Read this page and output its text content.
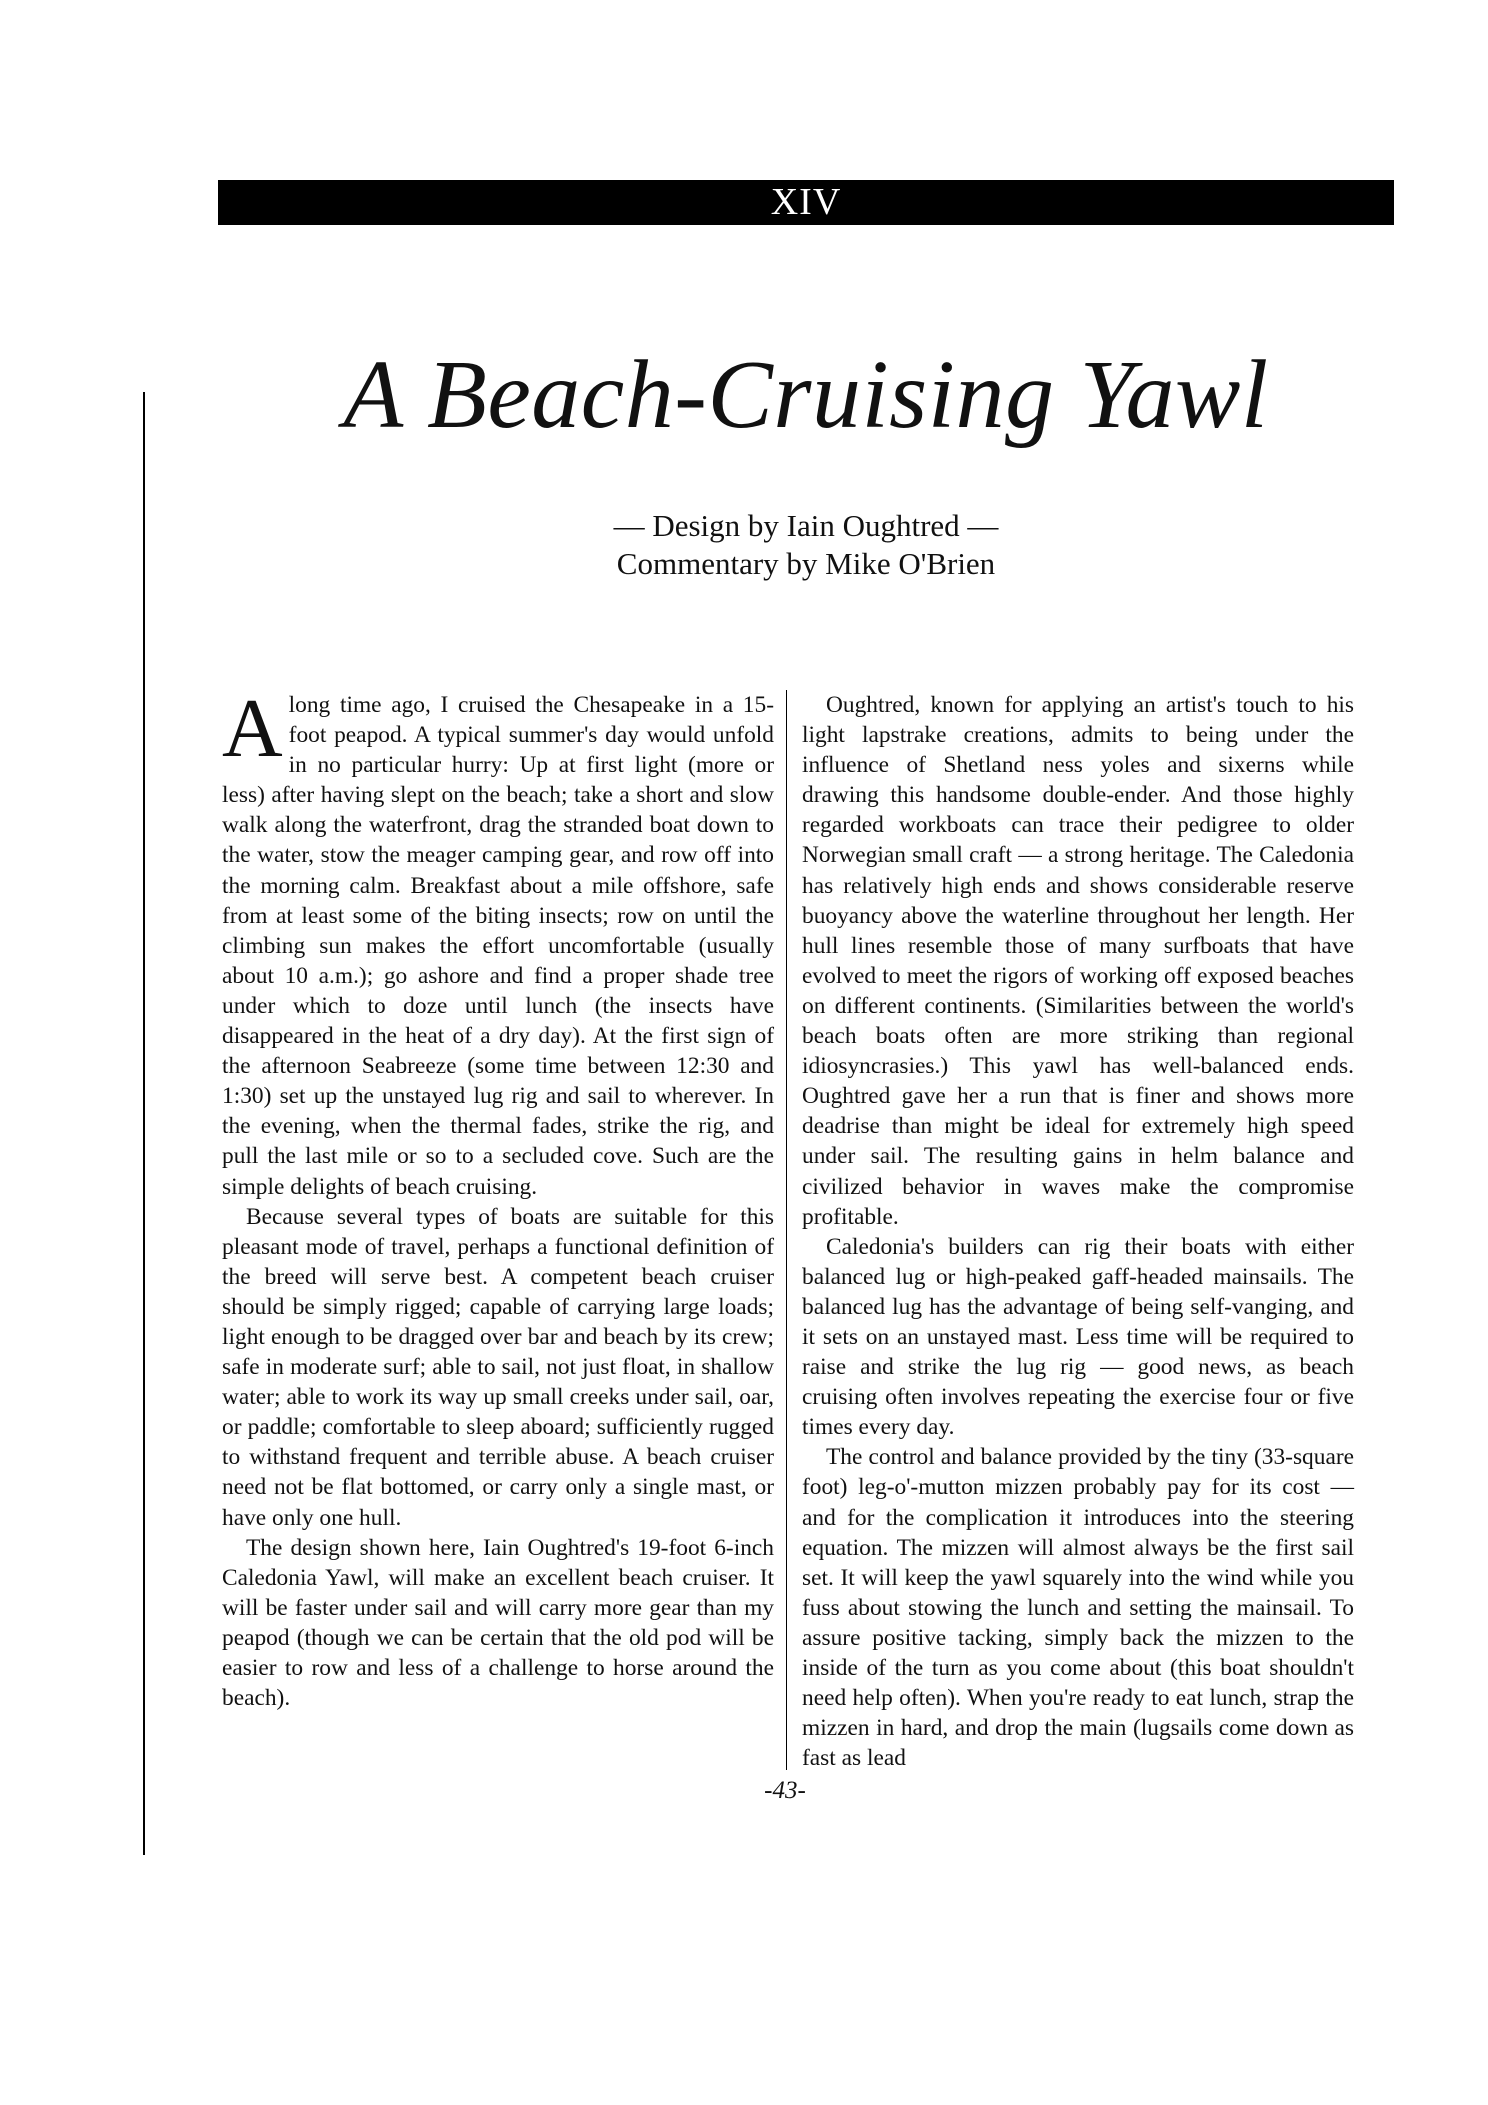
XIV
A Beach-Cruising Yawl
— Design by Iain Oughtred —
Commentary by Mike O'Brien

Along time ago, I cruised the Chesapeake in a 15-foot peapod. A typical summer's day would unfold in no particular hurry: Up at first light (more or less) after having slept on the beach; take a short and slow walk along the waterfront, drag the stranded boat down to the water, stow the meager camping gear, and row off into the morning calm. Breakfast about a mile offshore, safe from at least some of the biting insects; row on until the climbing sun makes the effort uncomfortable (usually about 10 a.m.); go ashore and find a proper shade tree under which to doze until lunch (the insects have disappeared in the heat of a dry day). At the first sign of the afternoon Seabreeze (some time between 12:30 and 1:30) set up the unstayed lug rig and sail to wherever. In the evening, when the thermal fades, strike the rig, and pull the last mile or so to a secluded cove. Such are the simple delights of beach cruising.

Because several types of boats are suitable for this pleasant mode of travel, perhaps a functional definition of the breed will serve best. A competent beach cruiser should be simply rigged; capable of carrying large loads; light enough to be dragged over bar and beach by its crew; safe in moderate surf; able to sail, not just float, in shallow water; able to work its way up small creeks under sail, oar, or paddle; comfortable to sleep aboard; sufficiently rugged to withstand frequent and terrible abuse. A beach cruiser need not be flat bottomed, or carry only a single mast, or have only one hull.

The design shown here, Iain Oughtred's 19-foot 6-inch Caledonia Yawl, will make an excellent beach cruiser. It will be faster under sail and will carry more gear than my peapod (though we can be certain that the old pod will be easier to row and less of a challenge to horse around the beach).

Oughtred, known for applying an artist's touch to his light lapstrake creations, admits to being under the influence of Shetland ness yoles and sixerns while drawing this handsome double-ender. And those highly regarded workboats can trace their pedigree to older Norwegian small craft — a strong heritage. The Caledonia has relatively high ends and shows considerable reserve buoyancy above the waterline throughout her length. Her hull lines resemble those of many surfboats that have evolved to meet the rigors of working off exposed beaches on different continents. (Similarities between the world's beach boats often are more striking than regional idiosyncrasies.) This yawl has well-balanced ends. Oughtred gave her a run that is finer and shows more deadrise than might be ideal for extremely high speed under sail. The resulting gains in helm balance and civilized behavior in waves make the compromise profitable.

Caledonia's builders can rig their boats with either balanced lug or high-peaked gaff-headed mainsails. The balanced lug has the advantage of being self-vanging, and it sets on an unstayed mast. Less time will be required to raise and strike the lug rig — good news, as beach cruising often involves repeating the exercise four or five times every day.

The control and balance provided by the tiny (33-square foot) leg-o'-mutton mizzen probably pay for its cost — and for the complication it introduces into the steering equation. The mizzen will almost always be the first sail set. It will keep the yawl squarely into the wind while you fuss about stowing the lunch and setting the mainsail. To assure positive tacking, simply back the mizzen to the inside of the turn as you come about (this boat shouldn't need help often). When you're ready to eat lunch, strap the mizzen in hard, and drop the main (lugsails come down as fast as lead

-43-
